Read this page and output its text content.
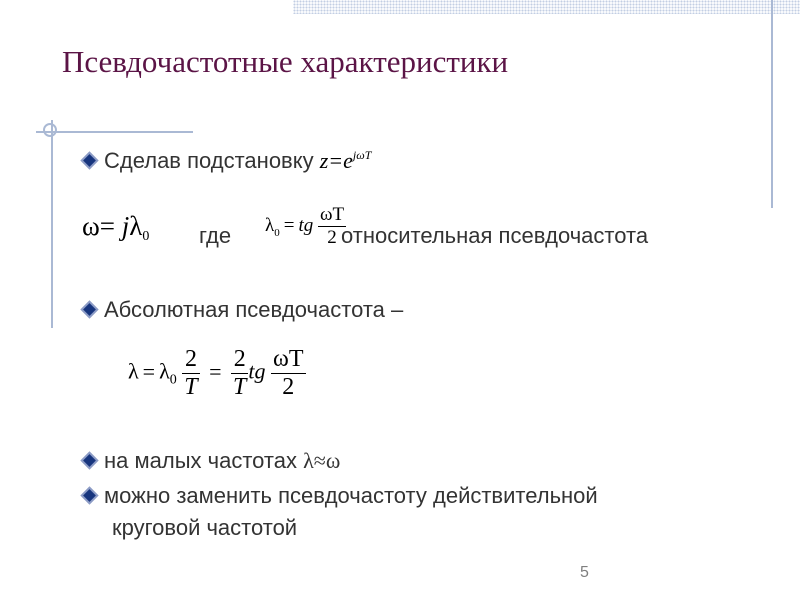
Псевдочастотные характеристики
Сделав подстановку $z=e^{j\omega T}$
$\omega= j\lambda_0$ где $\lambda_0$ = tg $\frac{\omega T}{2}$
относительная псевдочастота
Абсолютная псевдочастота –
$\lambda = \lambda_0 \frac{2}{T} = \frac{2}{T}$ tg $\frac{\omega T}{2}$
на малых частотах λ≈ω
можно заменить псевдочастоту действительной
круговой частотой
5
